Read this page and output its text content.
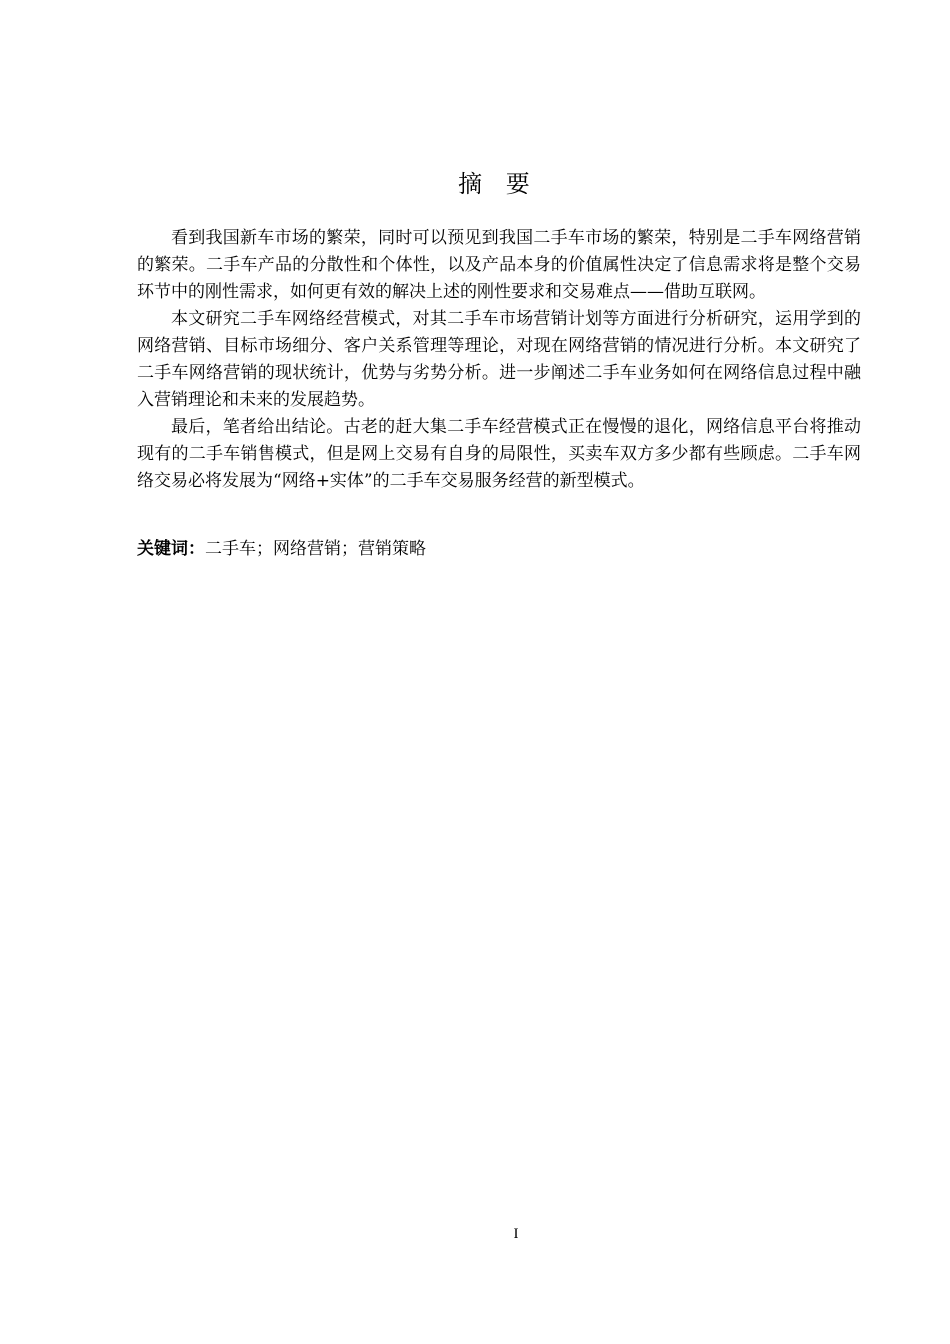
摘 要

看到我国新车市场的繁荣，同时可以预见到我国二手车市场的繁荣，特别是二手车网络营销的繁荣。二手车产品的分散性和个体性，以及产品本身的价值属性决定了信息需求将是整个交易环节中的刚性需求，如何更有效的解决上述的刚性要求和交易难点——借助互联网。

本文研究二手车网络经营模式，对其二手车市场营销计划等方面进行分析研究，运用学到的网络营销、目标市场细分、客户关系管理等理论，对现在网络营销的情况进行分析。本文研究了二手车网络营销的现状统计，优势与劣势分析。进一步阐述二手车业务如何在网络信息过程中融入营销理论和未来的发展趋势。

最后，笔者给出结论。古老的赶大集二手车经营模式正在慢慢的退化，网络信息平台将推动现有的二手车销售模式，但是网上交易有自身的局限性，买卖车双方多少都有些顾虑。二手车网络交易必将发展为“网络+实体”的二手车交易服务经营的新型模式。

关键词：二手车；网络营销；营销策略
I
